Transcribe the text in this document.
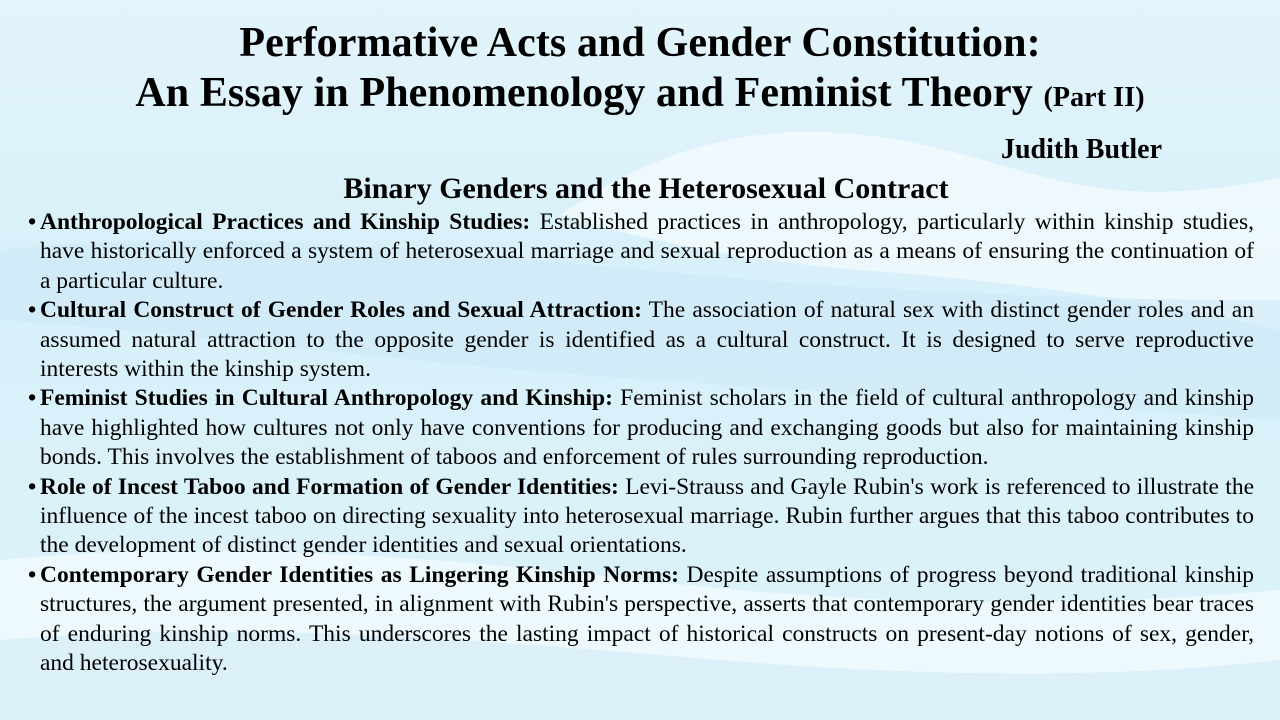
Performative Acts and Gender Constitution:
An Essay in Phenomenology and Feminist Theory (Part II)
Judith Butler
Binary Genders and the Heterosexual Contract
• Anthropological Practices and Kinship Studies: Established practices in anthropology, particularly within kinship studies, have historically enforced a system of heterosexual marriage and sexual reproduction as a means of ensuring the continuation of a particular culture.
• Cultural Construct of Gender Roles and Sexual Attraction: The association of natural sex with distinct gender roles and an assumed natural attraction to the opposite gender is identified as a cultural construct. It is designed to serve reproductive interests within the kinship system.
• Feminist Studies in Cultural Anthropology and Kinship: Feminist scholars in the field of cultural anthropology and kinship have highlighted how cultures not only have conventions for producing and exchanging goods but also for maintaining kinship bonds. This involves the establishment of taboos and enforcement of rules surrounding reproduction.
• Role of Incest Taboo and Formation of Gender Identities: Levi-Strauss and Gayle Rubin's work is referenced to illustrate the influence of the incest taboo on directing sexuality into heterosexual marriage. Rubin further argues that this taboo contributes to the development of distinct gender identities and sexual orientations.
• Contemporary Gender Identities as Lingering Kinship Norms: Despite assumptions of progress beyond traditional kinship structures, the argument presented, in alignment with Rubin's perspective, asserts that contemporary gender identities bear traces of enduring kinship norms. This underscores the lasting impact of historical constructs on present-day notions of sex, gender, and heterosexuality.
